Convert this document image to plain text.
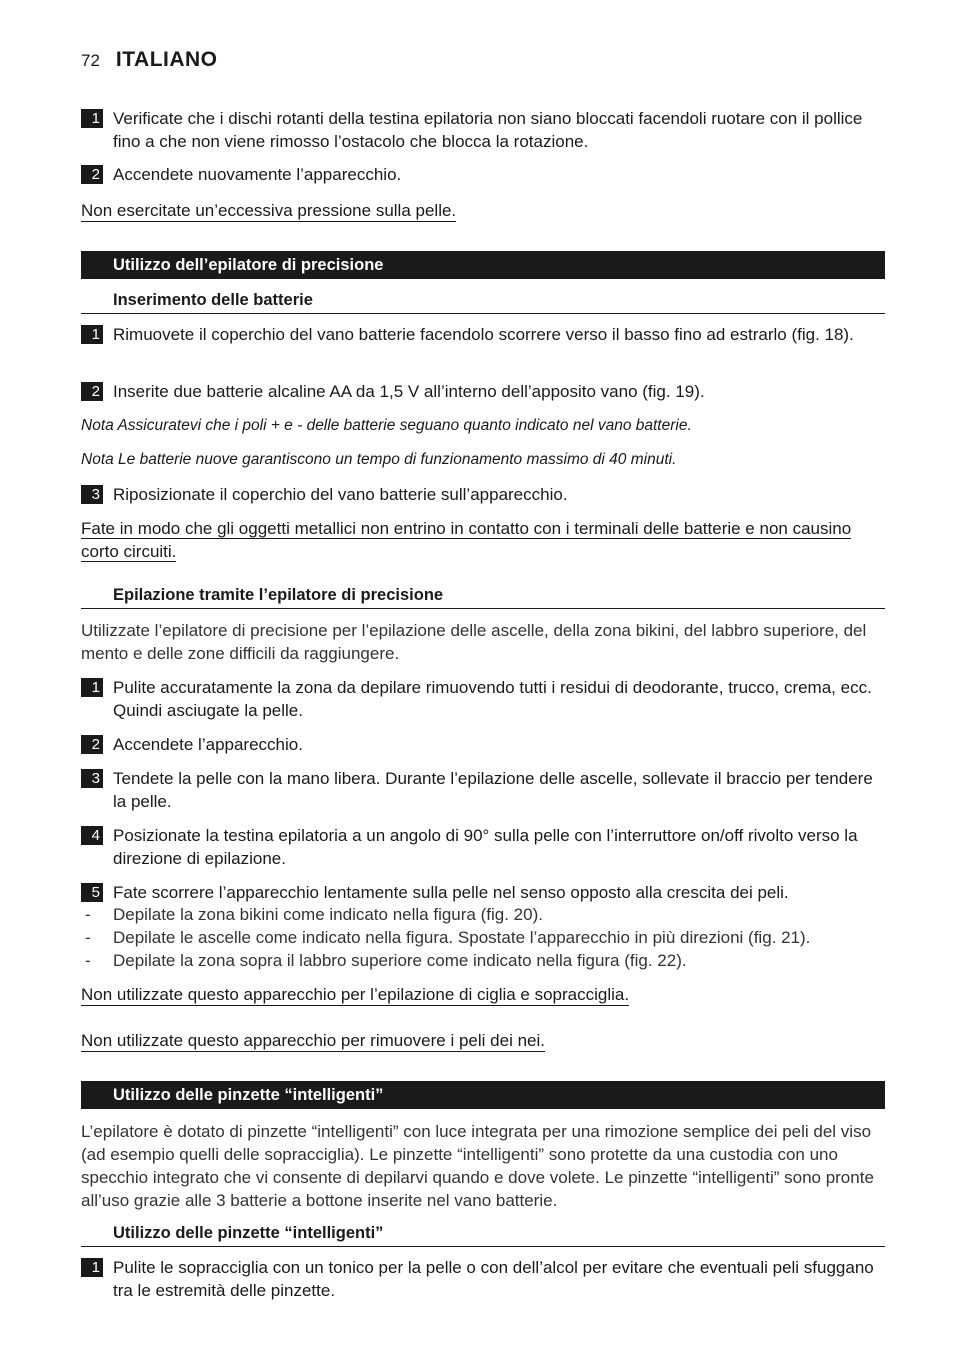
72 ITALIANO
1 Verificate che i dischi rotanti della testina epilatoria non siano bloccati facendoli ruotare con il pollice fino a che non viene rimosso l’ostacolo che blocca la rotazione.
2 Accendete nuovamente l’apparecchio.
Non esercitate un’eccessiva pressione sulla pelle.
Utilizzo dell’epilatore di precisione
Inserimento delle batterie
1 Rimuovete il coperchio del vano batterie facendolo scorrere verso il basso fino ad estrarlo (fig. 18).
2 Inserite due batterie alcaline AA da 1,5 V all’interno dell’apposito vano (fig. 19).
Nota Assicuratevi che i poli + e - delle batterie seguano quanto indicato nel vano batterie.
Nota Le batterie nuove garantiscono un tempo di funzionamento massimo di 40 minuti.
3 Riposizionate il coperchio del vano batterie sull’apparecchio.
Fate in modo che gli oggetti metallici non entrino in contatto con i terminali delle batterie e non causino corto circuiti.
Epilazione tramite l’epilatore di precisione
Utilizzate l’epilatore di precisione per l’epilazione delle ascelle, della zona bikini, del labbro superiore, del mento e delle zone difficili da raggiungere.
1 Pulite accuratamente la zona da depilare rimuovendo tutti i residui di deodorante, trucco, crema, ecc. Quindi asciugate la pelle.
2 Accendete l’apparecchio.
3 Tendete la pelle con la mano libera. Durante l’epilazione delle ascelle, sollevate il braccio per tendere la pelle.
4 Posizionate la testina epilatoria a un angolo di 90° sulla pelle con l’interruttore on/off rivolto verso la direzione di epilazione.
5 Fate scorrere l’apparecchio lentamente sulla pelle nel senso opposto alla crescita dei peli.
-	Depilate la zona bikini come indicato nella figura (fig. 20).
-	Depilate le ascelle come indicato nella figura. Spostate l’apparecchio in più direzioni (fig. 21).
-	Depilate la zona sopra il labbro superiore come indicato nella figura (fig. 22).
Non utilizzate questo apparecchio per l’epilazione di ciglia e sopracciglia.
Non utilizzate questo apparecchio per rimuovere i peli dei nei.
Utilizzo delle pinzette “intelligenti”
L’epilatore è dotato di pinzette “intelligenti” con luce integrata per una rimozione semplice dei peli del viso (ad esempio quelli delle sopracciglia). Le pinzette “intelligenti” sono protette da una custodia con uno specchio integrato che vi consente di depilarvi quando e dove volete. Le pinzette “intelligenti” sono pronte all’uso grazie alle 3 batterie a bottone inserite nel vano batterie.
Utilizzo delle pinzette “intelligenti”
1 Pulite le sopracciglia con un tonico per la pelle o con dell’alcol per evitare che eventuali peli sfuggano tra le estremità delle pinzette.
